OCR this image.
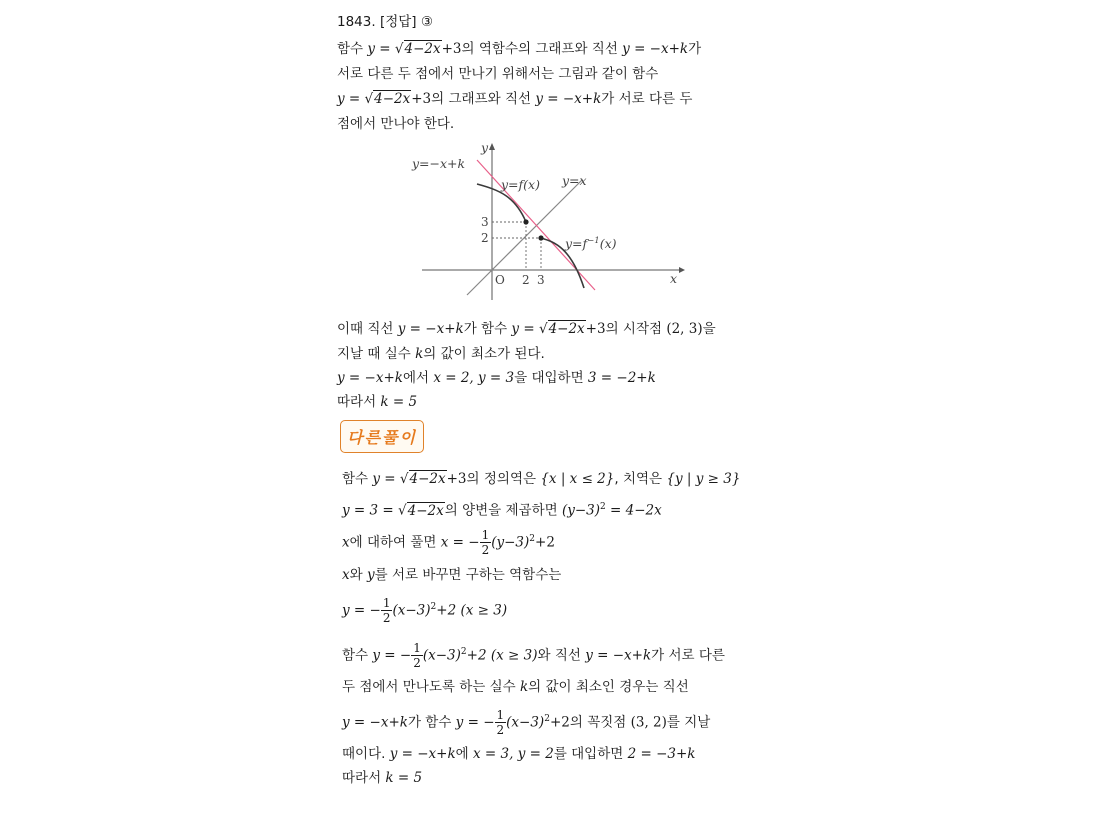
1843. [정답] ③
함수 y = √4−2x+3의 역함수의 그래프와 직선 y = −x+k가
서로 다른 두 점에서 만나기 위해서는 그림과 같이 함수
y = √4−2x+3의 그래프와 직선 y = −x+k가 서로 다른 두
점에서 만나야 한다.
y=−x+k
y=f(x) y=x
$y=f^{-1}(x)$
x
y
O 2 3
3
2
이때 직선 y = −x+k가 함수 y = √4−2x+3의 시작점 (2, 3)을
지날 때 실수 k의 값이 최소가 된다.
y = −x+k에서 x = 2, y = 3을 대입하면 3 = −2+k
따라서 k = 5
다른풀이
함수 y = √4−2x+3의 정의역은 {x | x ≤ 2}, 치역은 {y | y ≥ 3}
y = 3 = √4−2x의 양변을 제곱하면 $(y-3)^2 = 4-2x$
x에 대하여 풀면 x = − $\frac{1}{2} (y-3)^2+2$
x와 y를 서로 바꾸면 구하는 역함수는
y = − $\frac{1}{2} (x-3)^2+2$ (x ≥ 3)
함수 y = − $\frac{1}{2} (x-3)^2+2$ (x ≥ 3)와 직선 y = −x+k가 서로 다른
두 점에서 만나도록 하는 실수 k의 값이 최소인 경우는 직선
y = −x+k가 함수 y = − $\frac{1}{2} (x-3)^2+2$의 꼭짓점 (3, 2)를 지날
때이다. y = −x+k에 x = 3, y = 2를 대입하면 2 = −3+k
따라서 k = 5
